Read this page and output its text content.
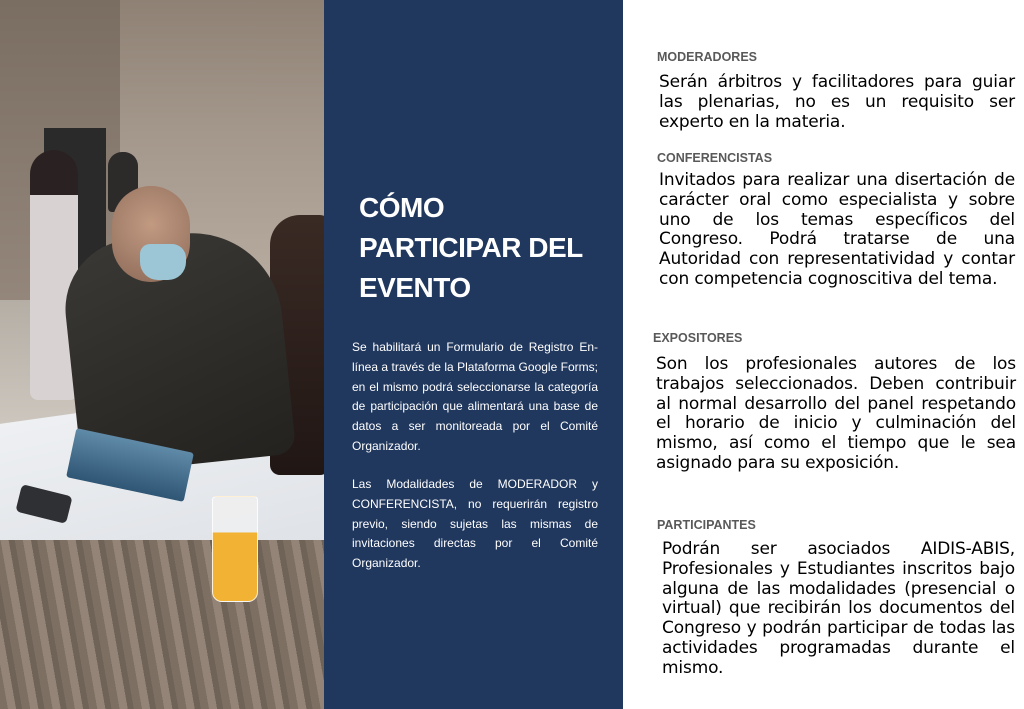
CÓMO PARTICIPAR DEL EVENTO

Se habilitará un Formulario de Registro En-línea a través de la Plataforma Google Forms; en el mismo podrá seleccionarse la categoría de participación que alimentará una base de datos a ser monitoreada por el Comité Organizador.

Las Modalidades de MODERADOR y CONFERENCISTA, no requerirán registro previo, siendo sujetas las mismas de invitaciones directas por el Comité Organizador.

MODERADORES
Serán árbitros y facilitadores para guiar las plenarias, no es un requisito ser experto en la materia.
CONFERENCISTAS
Invitados para realizar una disertación de carácter oral como especialista y sobre uno de los temas específicos del Congreso. Podrá tratarse de una Autoridad con representatividad y contar con competencia cognoscitiva del tema.
EXPOSITORES
Son los profesionales autores de los trabajos seleccionados. Deben contribuir al normal desarrollo del panel respetando el horario de inicio y culminación del mismo, así como el tiempo que le sea asignado para su exposición.
PARTICIPANTES
Podrán ser asociados AIDIS-ABIS, Profesionales y Estudiantes inscritos bajo alguna de las modalidades (presencial o virtual) que recibirán los documentos del Congreso y podrán participar de todas las actividades programadas durante el mismo.
